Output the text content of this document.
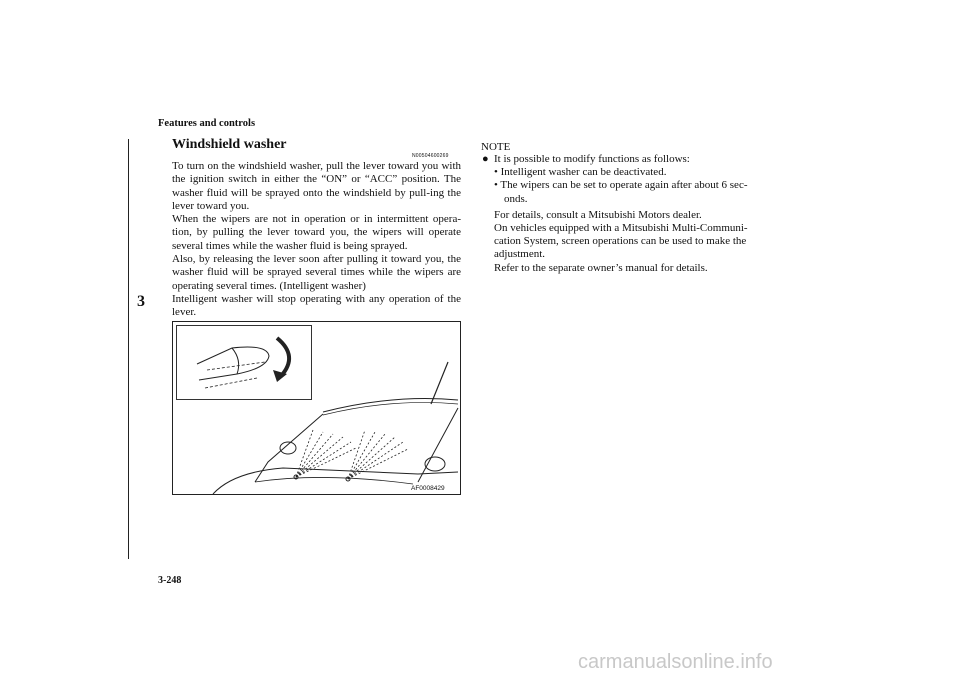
Features and controls
3
Windshield washer
N00504600269

To turn on the windshield washer, pull the lever toward you with the ignition switch in either the “ON” or “ACC” position. The washer fluid will be sprayed onto the windshield by pull-ing the lever toward you.

When the wipers are not in operation or in intermittent opera-tion, by pulling the lever toward you, the wipers will operate several times while the washer fluid is being sprayed.

Also, by releasing the lever soon after pulling it toward you, the washer fluid will be sprayed several times while the wipers are operating several times. (Intelligent washer)

Intelligent washer will stop operating with any operation of the lever.

AF0008429
NOTE
● It is possible to modify functions as follows:
• Intelligent washer can be deactivated.
• The wipers can be set to operate again after about 6 sec-
onds.
For details, consult a Mitsubishi Motors dealer.
On vehicles equipped with a Mitsubishi Multi-Communi-cation System, screen operations can be used to make the adjustment.
Refer to the separate owner’s manual for details.
3-248
carmanualsonline.info
